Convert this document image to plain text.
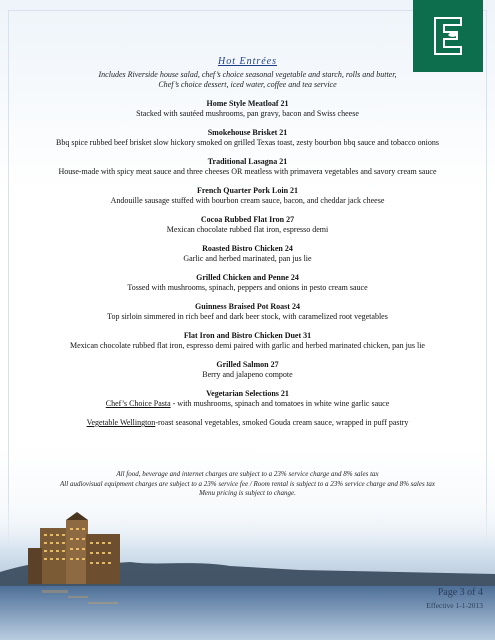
Hot Entrées
Includes Riverside house salad, chef’s choice seasonal vegetable and starch, rolls and butter,
Chef’s choice dessert, iced water, coffee and tea service
Home Style Meatloaf 21
Stacked with sautéed mushrooms, pan gravy, bacon and Swiss cheese
Smokehouse Brisket 21
Bbq spice rubbed beef brisket slow hickory smoked on grilled Texas toast, zesty bourbon bbq sauce and tobacco onions
Traditional Lasagna 21
House-made with spicy meat sauce and three cheeses OR meatless with primavera vegetables and savory cream sauce
French Quarter Pork Loin 21
Andouille sausage stuffed with bourbon cream sauce, bacon, and cheddar jack cheese
Cocoa Rubbed Flat Iron 27
Mexican chocolate rubbed flat iron, espresso demi
Roasted Bistro Chicken 24
Garlic and herbed marinated, pan jus lie
Grilled Chicken and Penne 24
Tossed with mushrooms, spinach, peppers and onions in pesto cream sauce
Guinness Braised Pot Roast 24
Top sirloin simmered in rich beef and dark beer stock, with caramelized root vegetables
Flat Iron and Bistro Chicken Duet 31
Mexican chocolate rubbed flat iron, espresso demi paired with garlic and herbed marinated chicken, pan jus lie
Grilled Salmon 27
Berry and jalapeno compote
Vegetarian Selections 21
Chef’s Choice Pasta - with mushrooms, spinach and tomatoes in white wine garlic sauce
Vegetable Wellington-roast seasonal vegetables, smoked Gouda cream sauce, wrapped in puff pastry
All food, beverage and internet charges are subject to a 23% service charge and 8% sales tax
All audiovisual equipment charges are subject to a 23% service fee / Room rental is subject to a 23% service charge and 8% sales tax
Menu pricing is subject to change.
Page 3 of 4
Effective 1-1-2013
